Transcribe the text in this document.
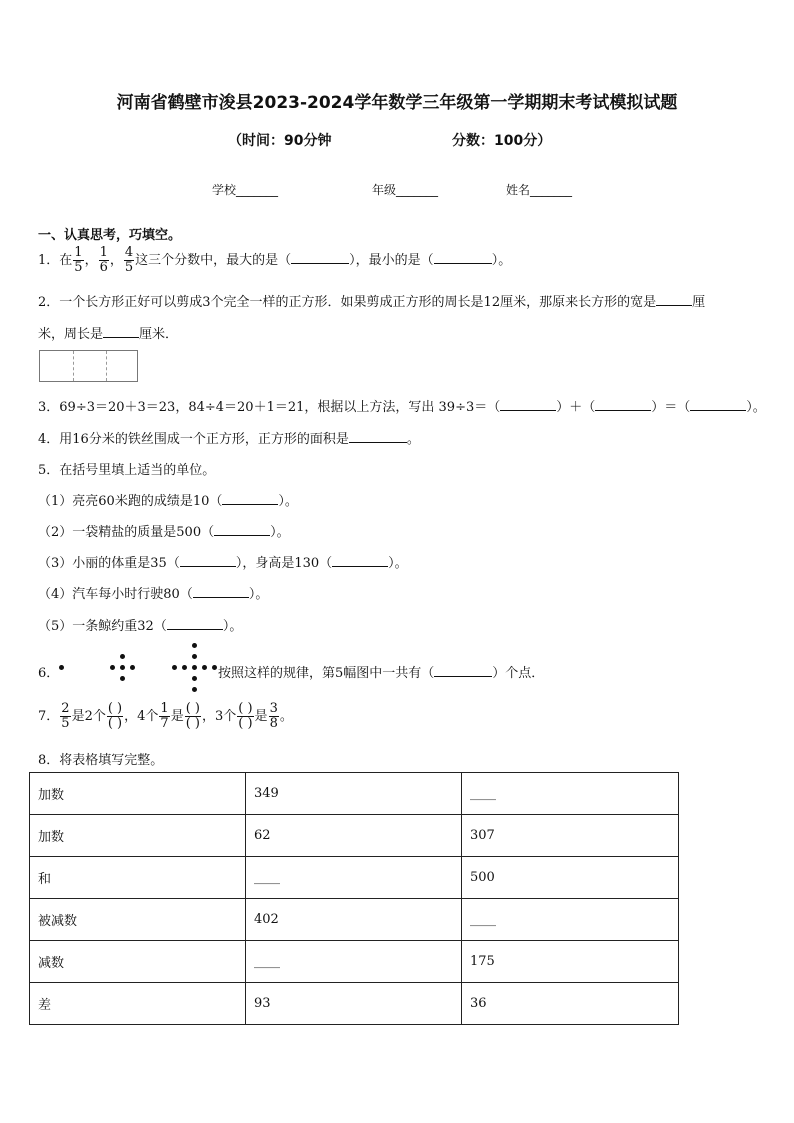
河南省鹤壁市浚县2023-2024学年数学三年级第一学期期末考试模拟试题
（时间：90分钟	分数：100分）
学校_______	年级_______	姓名_______
一、认真思考，巧填空。
1．在 $\frac{1}{5}$ ， $\frac{1}{6}$ ， $\frac{4}{5}$ 这三个分数中，最大的是（	），最小的是（	）。
2．一个长方形正好可以剪成3个完全一样的正方形．如果剪成正方形的周长是12厘米，那原来长方形的宽是	厘
米，周长是	厘米．
3．69÷3＝20＋3＝23，84÷4＝20＋1＝21，根据以上方法，写出 39÷3＝（	）＋（	）＝（	）。
4．用16分米的铁丝围成一个正方形，正方形的面积是	。
5．在括号里填上适当的单位。
（1）亮亮60米跑的成绩是10（	）。
（2）一袋精盐的质量是500（	）。
（3）小丽的体重是35（	），身高是130（	）。
（4）汽车每小时行驶80（	）。
（5）一条鲸约重32（	）。
6．	按照这样的规律，第5幅图中一共有（	）个点．
7． $\frac{2}{5}$ 是2个 $\frac{( )}{( )}$ ，4个 $\frac{1}{7}$ 是 $\frac{( )}{( )}$ ，3个 $\frac{( )}{( )}$ 是 $\frac{3}{8}$ 。
8．将表格填写完整。
加数	349	____
加数	62	307
和	____	500
被减数	402	____
减数	____	175
差	93	36
